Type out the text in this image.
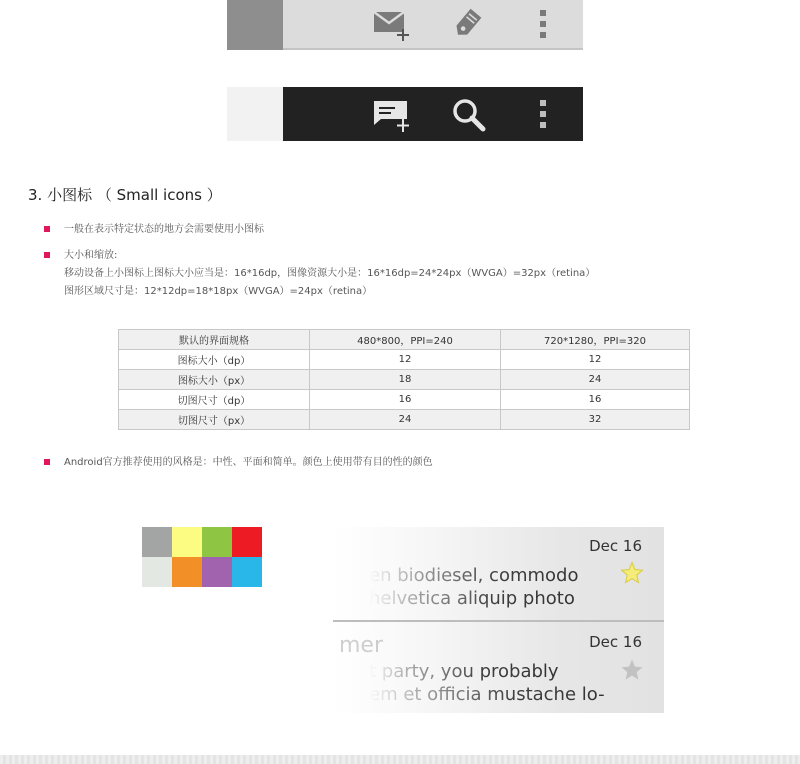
3. 小图标 （ Small icons ）
一般在表示特定状态的地方会需要使用小图标
大小和缩放:
移动设备上小图标上图标大小应当是：16*16dp，图像资源大小是：16*16dp=24*24px（WVGA）=32px（retina）
图形区域尺寸是：12*12dp=18*18px（WVGA）=24px（retina）
默认的界面规格	480*800，PPI=240	720*1280，PPI=320
图标大小（dp）	12	12
图标大小（px）	18	24
切图尺寸（dp）	16	16
切图尺寸（px）	24	32
Android官方推荐使用的风格是：中性、平面和简单。颜色上使用带有目的性的颜色
Dec 16
en biodiesel, commodo
helvetica aliquip photo
mer	Dec 16
t party, you probably
em et officia mustache lo-
